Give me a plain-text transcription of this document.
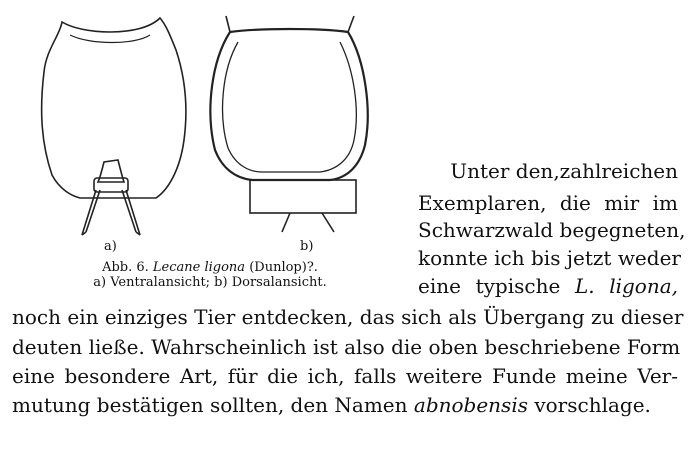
a)	b)
Abb. 6. Lecane ligona (Dunlop)?.
a) Ventralansicht; b) Dorsalansicht.
Unter den,zahlreichen
Exemplaren, die mir im
Schwarzwald begegneten,
konnte ich bis jetzt weder
eine typische L. ligona,
noch ein einziges Tier entdecken, das sich als Übergang zu dieser
deuten ließe. Wahrscheinlich ist also die oben beschriebene Form
eine besondere Art, für die ich, falls weitere Funde meine Ver-
mutung bestätigen sollten, den Namen abnobensis vorschlage.
